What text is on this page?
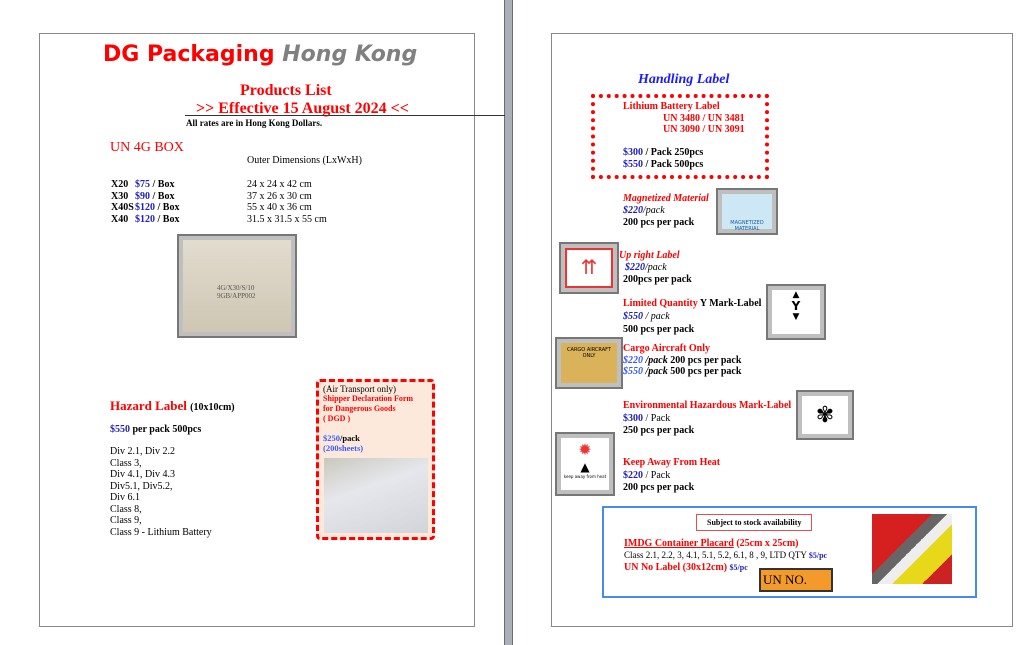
DG Packaging Hong Kong
Products List
>> Effective 15 August 2024 <<
All rates are in Hong Kong Dollars.
UN 4G BOX
Outer Dimensions (LxWxH)
X20 $75 / Box	24 x 24 x 42 cm
X30 $90 / Box	37 x 26 x 30 cm
X40S$120 / Box	55 x 40 x 36 cm
X40 $120 / Box	31.5 x 31.5 x 55 cm
4G/X30/S/10 9GB/APP002
Hazard Label (10x10cm)
$550 per pack 500pcs
Div 2.1, Div 2.2
Class 3,
Div 4.1, Div 4.3
Div5.1, Div5.2,
Div 6.1
Class 8,
Class 9,
Class 9 - Lithium Battery
(Air Transport only)
Shipper Declaration Form
for Dangerous Goods
( DGD )
$250/pack
(200sheets)
Handling Label
Lithium Battery Label
UN 3480 / UN 3481
UN 3090 / UN 3091
$300 / Pack 250pcs
$550 / Pack 500pcs
Magnetized Material
$220/pack
200 pcs per pack	MAGNETIZED MATERIAL
⇈
Up right Label
$220/pack
200pcs per pack
Limited Quantity Y Mark-Label
$550 / pack
500 pcs per pack
▲
Y
▼
CARGO AIRCRAFT ONLY
Cargo Aircraft Only
$220 /pack 200 pcs per pack
$550 /pack 500 pcs per pack
Environmental Hazardous Mark-Label
$300 / Pack
250 pcs per pack
✾
✹
▲
keep away from heat
Keep Away From Heat
$220 / Pack
200 pcs per pack
Subject to stock availability
IMDG Container Placard (25cm x 25cm)
Class 2.1, 2.2, 3, 4.1, 5.1, 5.2, 6.1, 8 , 9, LTD QTY $5/pc
UN No Label (30x12cm) $5/pc
UN NO.
